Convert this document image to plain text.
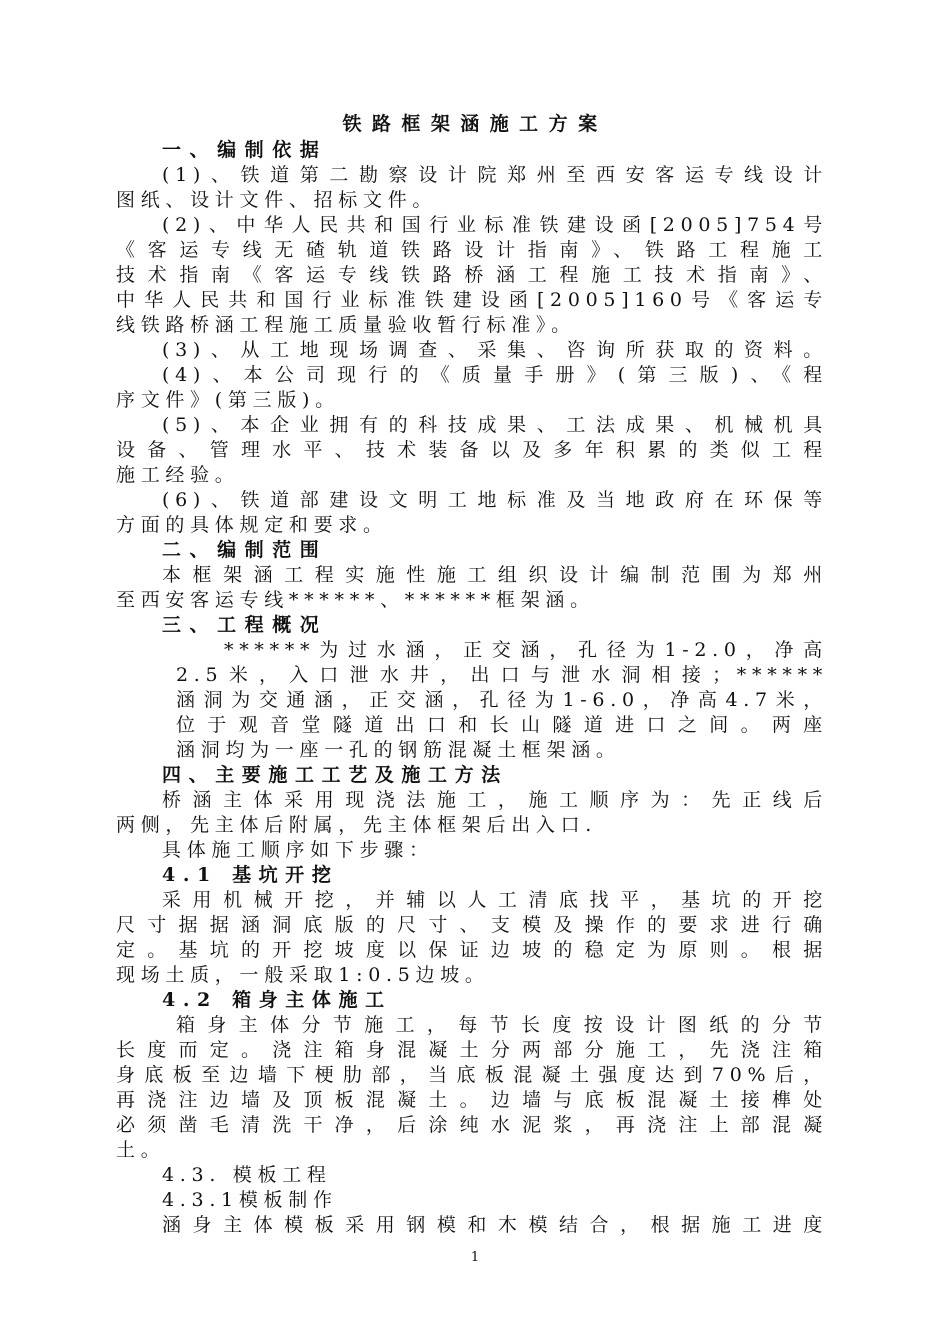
铁路框架涵施工方案
一、编制依据
(1)、铁道第二勘察设计院郑州至西安客运专线设计
图纸、设计文件、招标文件。
(2)、中华人民共和国行业标准铁建设函[2005]754号
《客运专线无碴轨道铁路设计指南》、铁路工程施工
技术指南《客运专线铁路桥涵工程施工技术指南》、
中华人民共和国行业标准铁建设函[2005]160号《客运专
线铁路桥涵工程施工质量验收暂行标准》。
(3)、从工地现场调查、采集、咨询所获取的资料。
(4)、本公司现行的《质量手册》(第三版)、《程
序文件》(第三版)。
(5)、本企业拥有的科技成果、工法成果、机械机具
设备、管理水平、技术装备以及多年积累的类似工程
施工经验。
(6)、铁道部建设文明工地标准及当地政府在环保等
方面的具体规定和要求。
二、编制范围
本框架涵工程实施性施工组织设计编制范围为郑州
至西安客运专线******、******框架涵。
三、工程概况
******为过水涵，正交涵，孔径为1-2.0，净高
2.5米，入口泄水井，出口与泄水洞相接；******
涵洞为交通涵，正交涵，孔径为1-6.0，净高4.7米，
位于观音堂隧道出口和长山隧道进口之间。两座
涵洞均为一座一孔的钢筋混凝土框架涵。
四、主要施工工艺及施工方法
桥涵主体采用现浇法施工，施工顺序为：先正线后
两侧，先主体后附属，先主体框架后出入口.
具体施工顺序如下步骤：
4.1 基坑开挖
采用机械开挖，并辅以人工清底找平，基坑的开挖
尺寸据据涵洞底版的尺寸、支模及操作的要求进行确
定。基坑的开挖坡度以保证边坡的稳定为原则。根据
现场土质，一般采取1:0.5边坡。
4.2 箱身主体施工
箱身主体分节施工，每节长度按设计图纸的分节
长度而定。浇注箱身混凝土分两部分施工，先浇注箱
身底板至边墙下梗肋部，当底板混凝土强度达到70%后，
再浇注边墙及顶板混凝土。边墙与底板混凝土接榫处
必须凿毛清洗干净，后涂纯水泥浆，再浇注上部混凝
土。
4.3. 模板工程
4.3.1模板制作
涵身主体模板采用钢模和木模结合，根据施工进度
1
